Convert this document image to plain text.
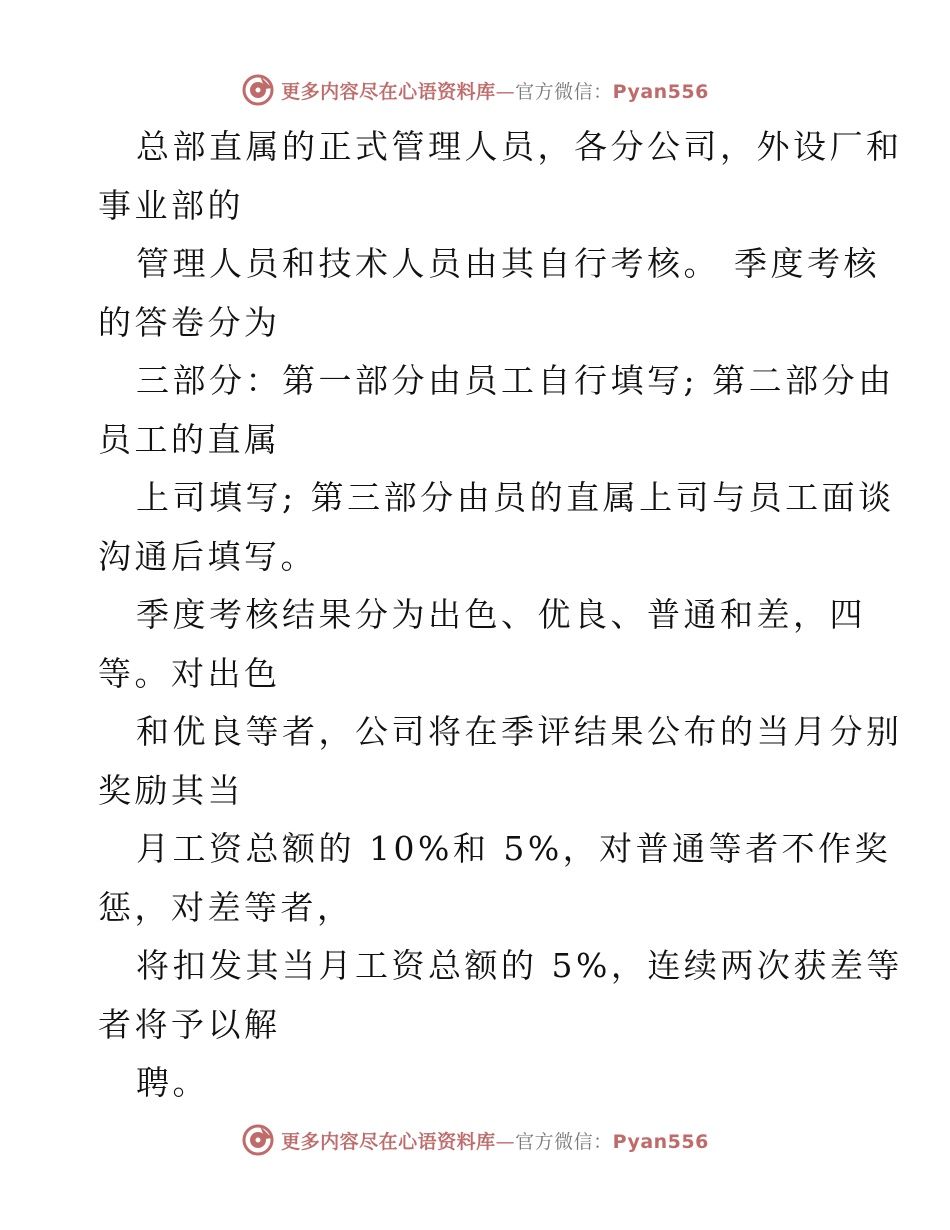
更多内容尽在心语资料库—官方微信：Pyan556
总部直属的正式管理人员，各分公司，外设厂和
事业部的
管理人员和技术人员由其自行考核。 季度考核
的答卷分为
三部分：第一部分由员工自行填写; 第二部分由
员工的直属
上司填写; 第三部分由员的直属上司与员工面谈
沟通后填写。
季度考核结果分为出色、优良、普通和差，四
等。对出色
和优良等者，公司将在季评结果公布的当月分别
奖励其当
月工资总额的 10%和 5%，对普通等者不作奖
惩，对差等者，
将扣发其当月工资总额的 5%，连续两次获差等
者将予以解
聘。
更多内容尽在心语资料库—官方微信：Pyan556
